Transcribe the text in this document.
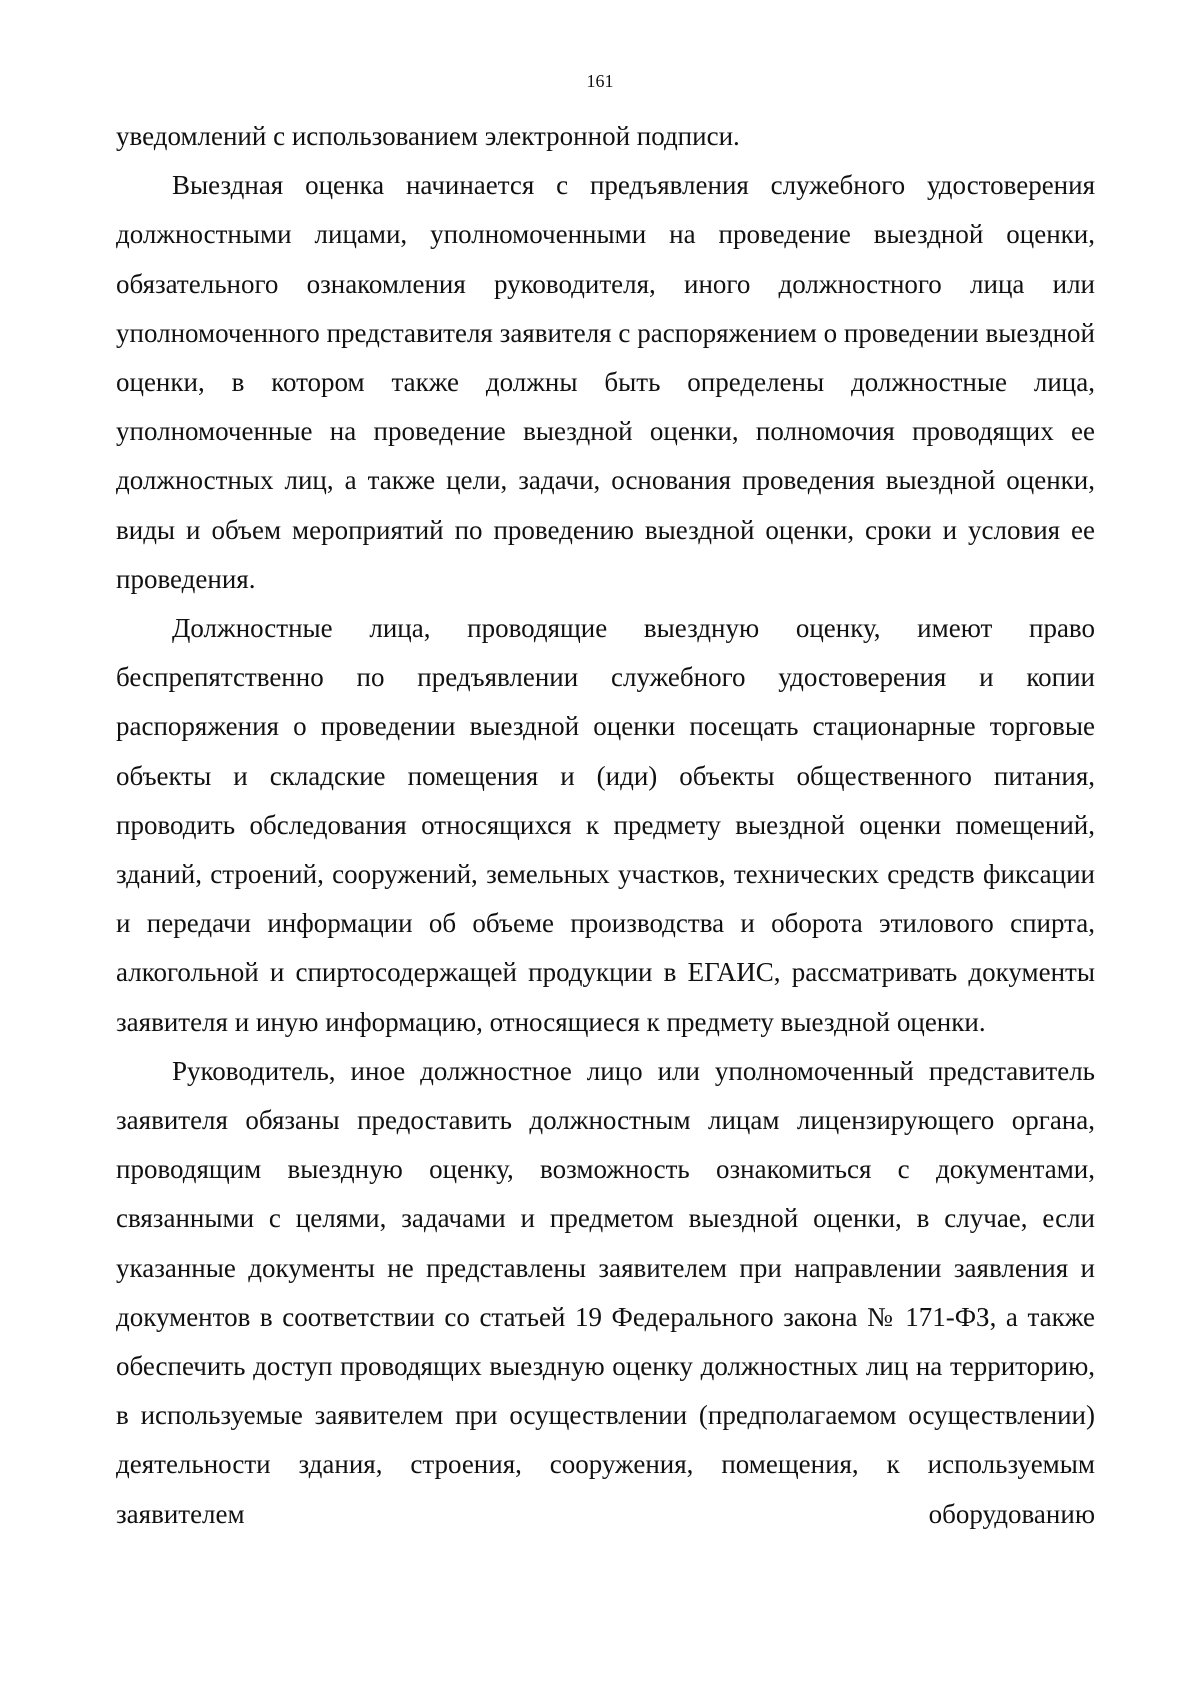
161

уведомлений с использованием электронной подписи.

Выездная оценка начинается с предъявления служебного удостоверения должностными лицами, уполномоченными на проведение выездной оценки, обязательного ознакомления руководителя, иного должностного лица или уполномоченного представителя заявителя с распоряжением о проведении выездной оценки, в котором также должны быть определены должностные лица, уполномоченные на проведение выездной оценки, полномочия проводящих ее должностных лиц, а также цели, задачи, основания проведения выездной оценки, виды и объем мероприятий по проведению выездной оценки, сроки и условия ее проведения.

Должностные лица, проводящие выездную оценку, имеют право беспрепятственно по предъявлении служебного удостоверения и копии распоряжения о проведении выездной оценки посещать стационарные торговые объекты и складские помещения и (иди) объекты общественного питания, проводить обследования относящихся к предмету выездной оценки помещений, зданий, строений, сооружений, земельных участков, технических средств фиксации и передачи информации об объеме производства и оборота этилового спирта, алкогольной и спиртосодержащей продукции в ЕГАИС, рассматривать документы заявителя и иную информацию, относящиеся к предмету выездной оценки.

Руководитель, иное должностное лицо или уполномоченный представитель заявителя обязаны предоставить должностным лицам лицензирующего органа, проводящим выездную оценку, возможность ознакомиться с документами, связанными с целями, задачами и предметом выездной оценки, в случае, если указанные документы не представлены заявителем при направлении заявления и документов в соответствии со статьей 19 Федерального закона № 171-ФЗ, а также обеспечить доступ проводящих выездную оценку должностных лиц на территорию, в используемые заявителем при осуществлении (предполагаемом осуществлении) деятельности здания, строения, сооружения, помещения, к используемым заявителем оборудованию
